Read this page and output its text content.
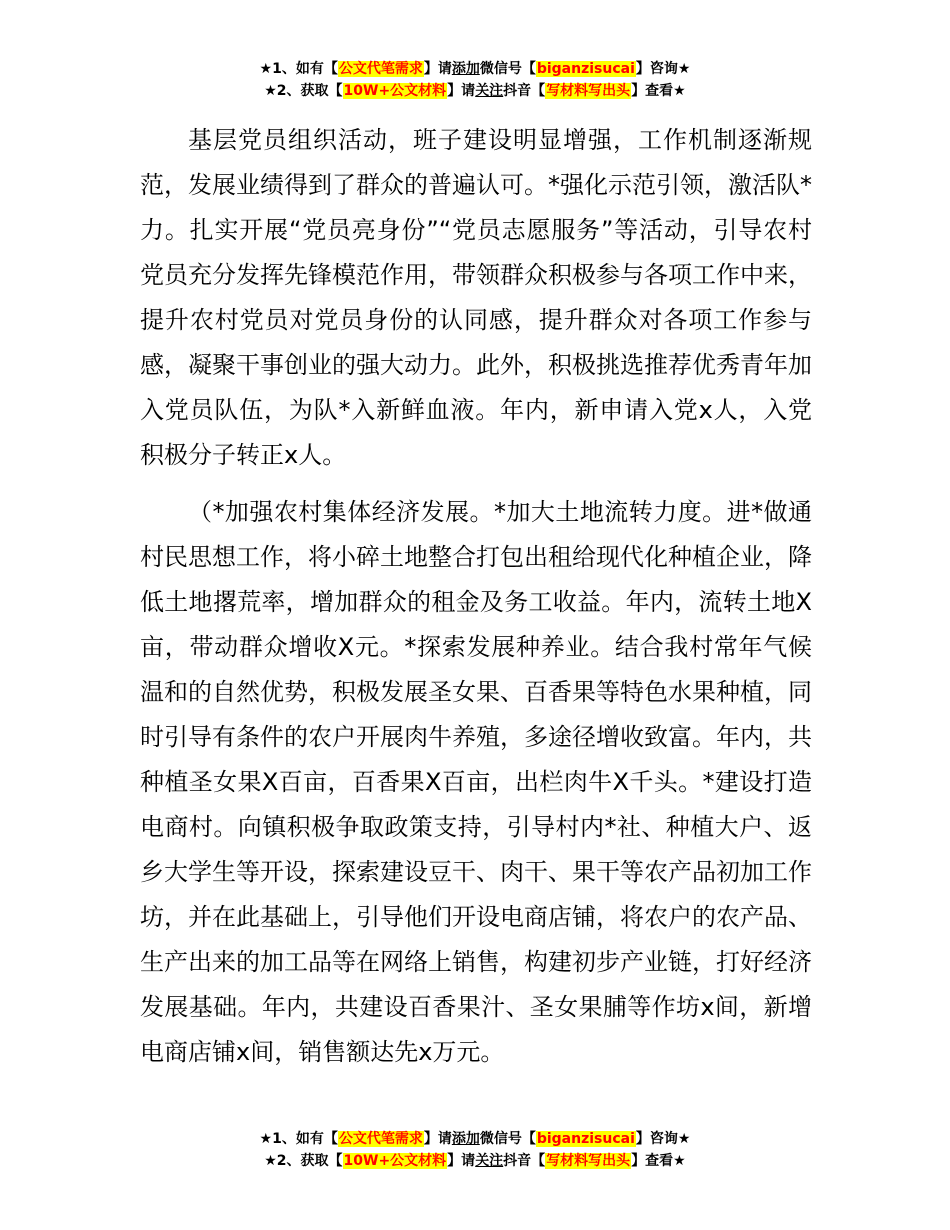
★1、如有【公文代笔需求】请添加微信号【biganzisucai】咨询★
★2、获取【10W+公文材料】请关注抖音【写材料写出头】查看★

基层党员组织活动，班子建设明显增强，工作机制逐渐规范，发展业绩得到了群众的普遍认可。*强化示范引领，激活队*力。扎实开展“党员亮身份”“党员志愿服务”等活动，引导农村党员充分发挥先锋模范作用，带领群众积极参与各项工作中来，提升农村党员对党员身份的认同感，提升群众对各项工作参与感，凝聚干事创业的强大动力。此外，积极挑选推荐优秀青年加入党员队伍，为队*入新鲜血液。年内，新申请入党x人，入党积极分子转正x人。

（*加强农村集体经济发展。*加大土地流转力度。进*做通村民思想工作，将小碎土地整合打包出租给现代化种植企业，降低土地撂荒率，增加群众的租金及务工收益。年内，流转土地X亩，带动群众增收X元。*探索发展种养业。结合我村常年气候温和的自然优势，积极发展圣女果、百香果等特色水果种植，同时引导有条件的农户开展肉牛养殖，多途径增收致富。年内，共种植圣女果X百亩，百香果X百亩，出栏肉牛X千头。*建设打造电商村。向镇积极争取政策支持，引导村内*社、种植大户、返乡大学生等开设，探索建设豆干、肉干、果干等农产品初加工作坊，并在此基础上，引导他们开设电商店铺，将农户的农产品、生产出来的加工品等在网络上销售，构建初步产业链，打好经济发展基础。年内，共建设百香果汁、圣女果脯等作坊x间，新增电商店铺x间，销售额达先x万元。

★1、如有【公文代笔需求】请添加微信号【biganzisucai】咨询★
★2、获取【10W+公文材料】请关注抖音【写材料写出头】查看★
